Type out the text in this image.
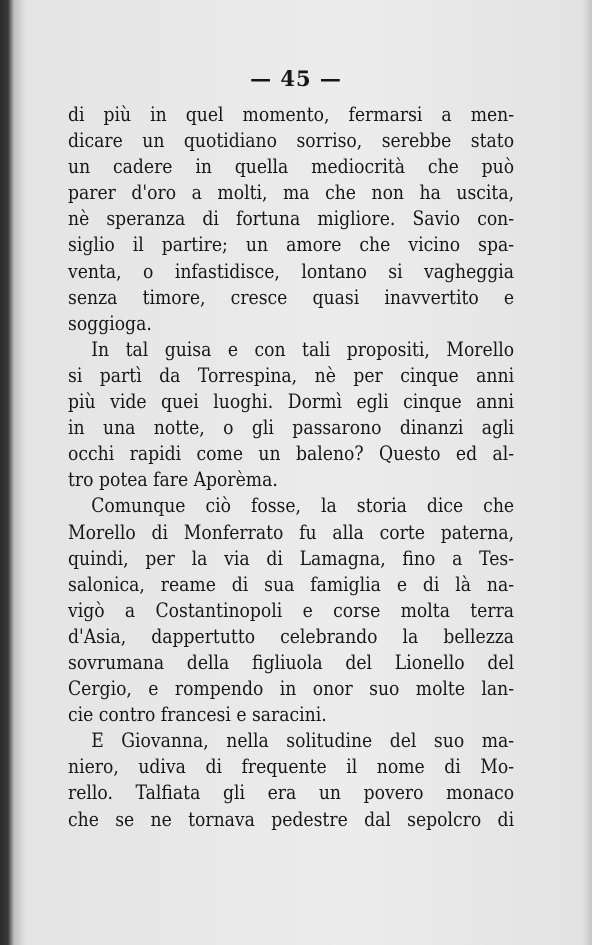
— 45 —
di più in quel momento, fermarsi a men-
dicare un quotidiano sorriso, serebbe stato
un cadere in quella mediocrità che può
parer d'oro a molti, ma che non ha uscita,
nè speranza di fortuna migliore. Savio con-
siglio il partire; un amore che vicino spa-
venta, o infastidisce, lontano si vagheggia
senza timore, cresce quasi inavvertito e
soggioga.
In tal guisa e con tali propositi, Morello
si partì da Torrespina, nè per cinque anni
più vide quei luoghi. Dormì egli cinque anni
in una notte, o gli passarono dinanzi agli
occhi rapidi come un baleno? Questo ed al-
tro potea fare Aporèma.
Comunque ciò fosse, la storia dice che
Morello di Monferrato fu alla corte paterna,
quindi, per la via di Lamagna, fino a Tes-
salonica, reame di sua famiglia e di là na-
vigò a Costantinopoli e corse molta terra
d'Asia, dappertutto celebrando la bellezza
sovrumana della figliuola del Lionello del
Cergio, e rompendo in onor suo molte lan-
cie contro francesi e saracini.
E Giovanna, nella solitudine del suo ma-
niero, udiva di frequente il nome di Mo-
rello. Talfiata gli era un povero monaco
che se ne tornava pedestre dal sepolcro di
